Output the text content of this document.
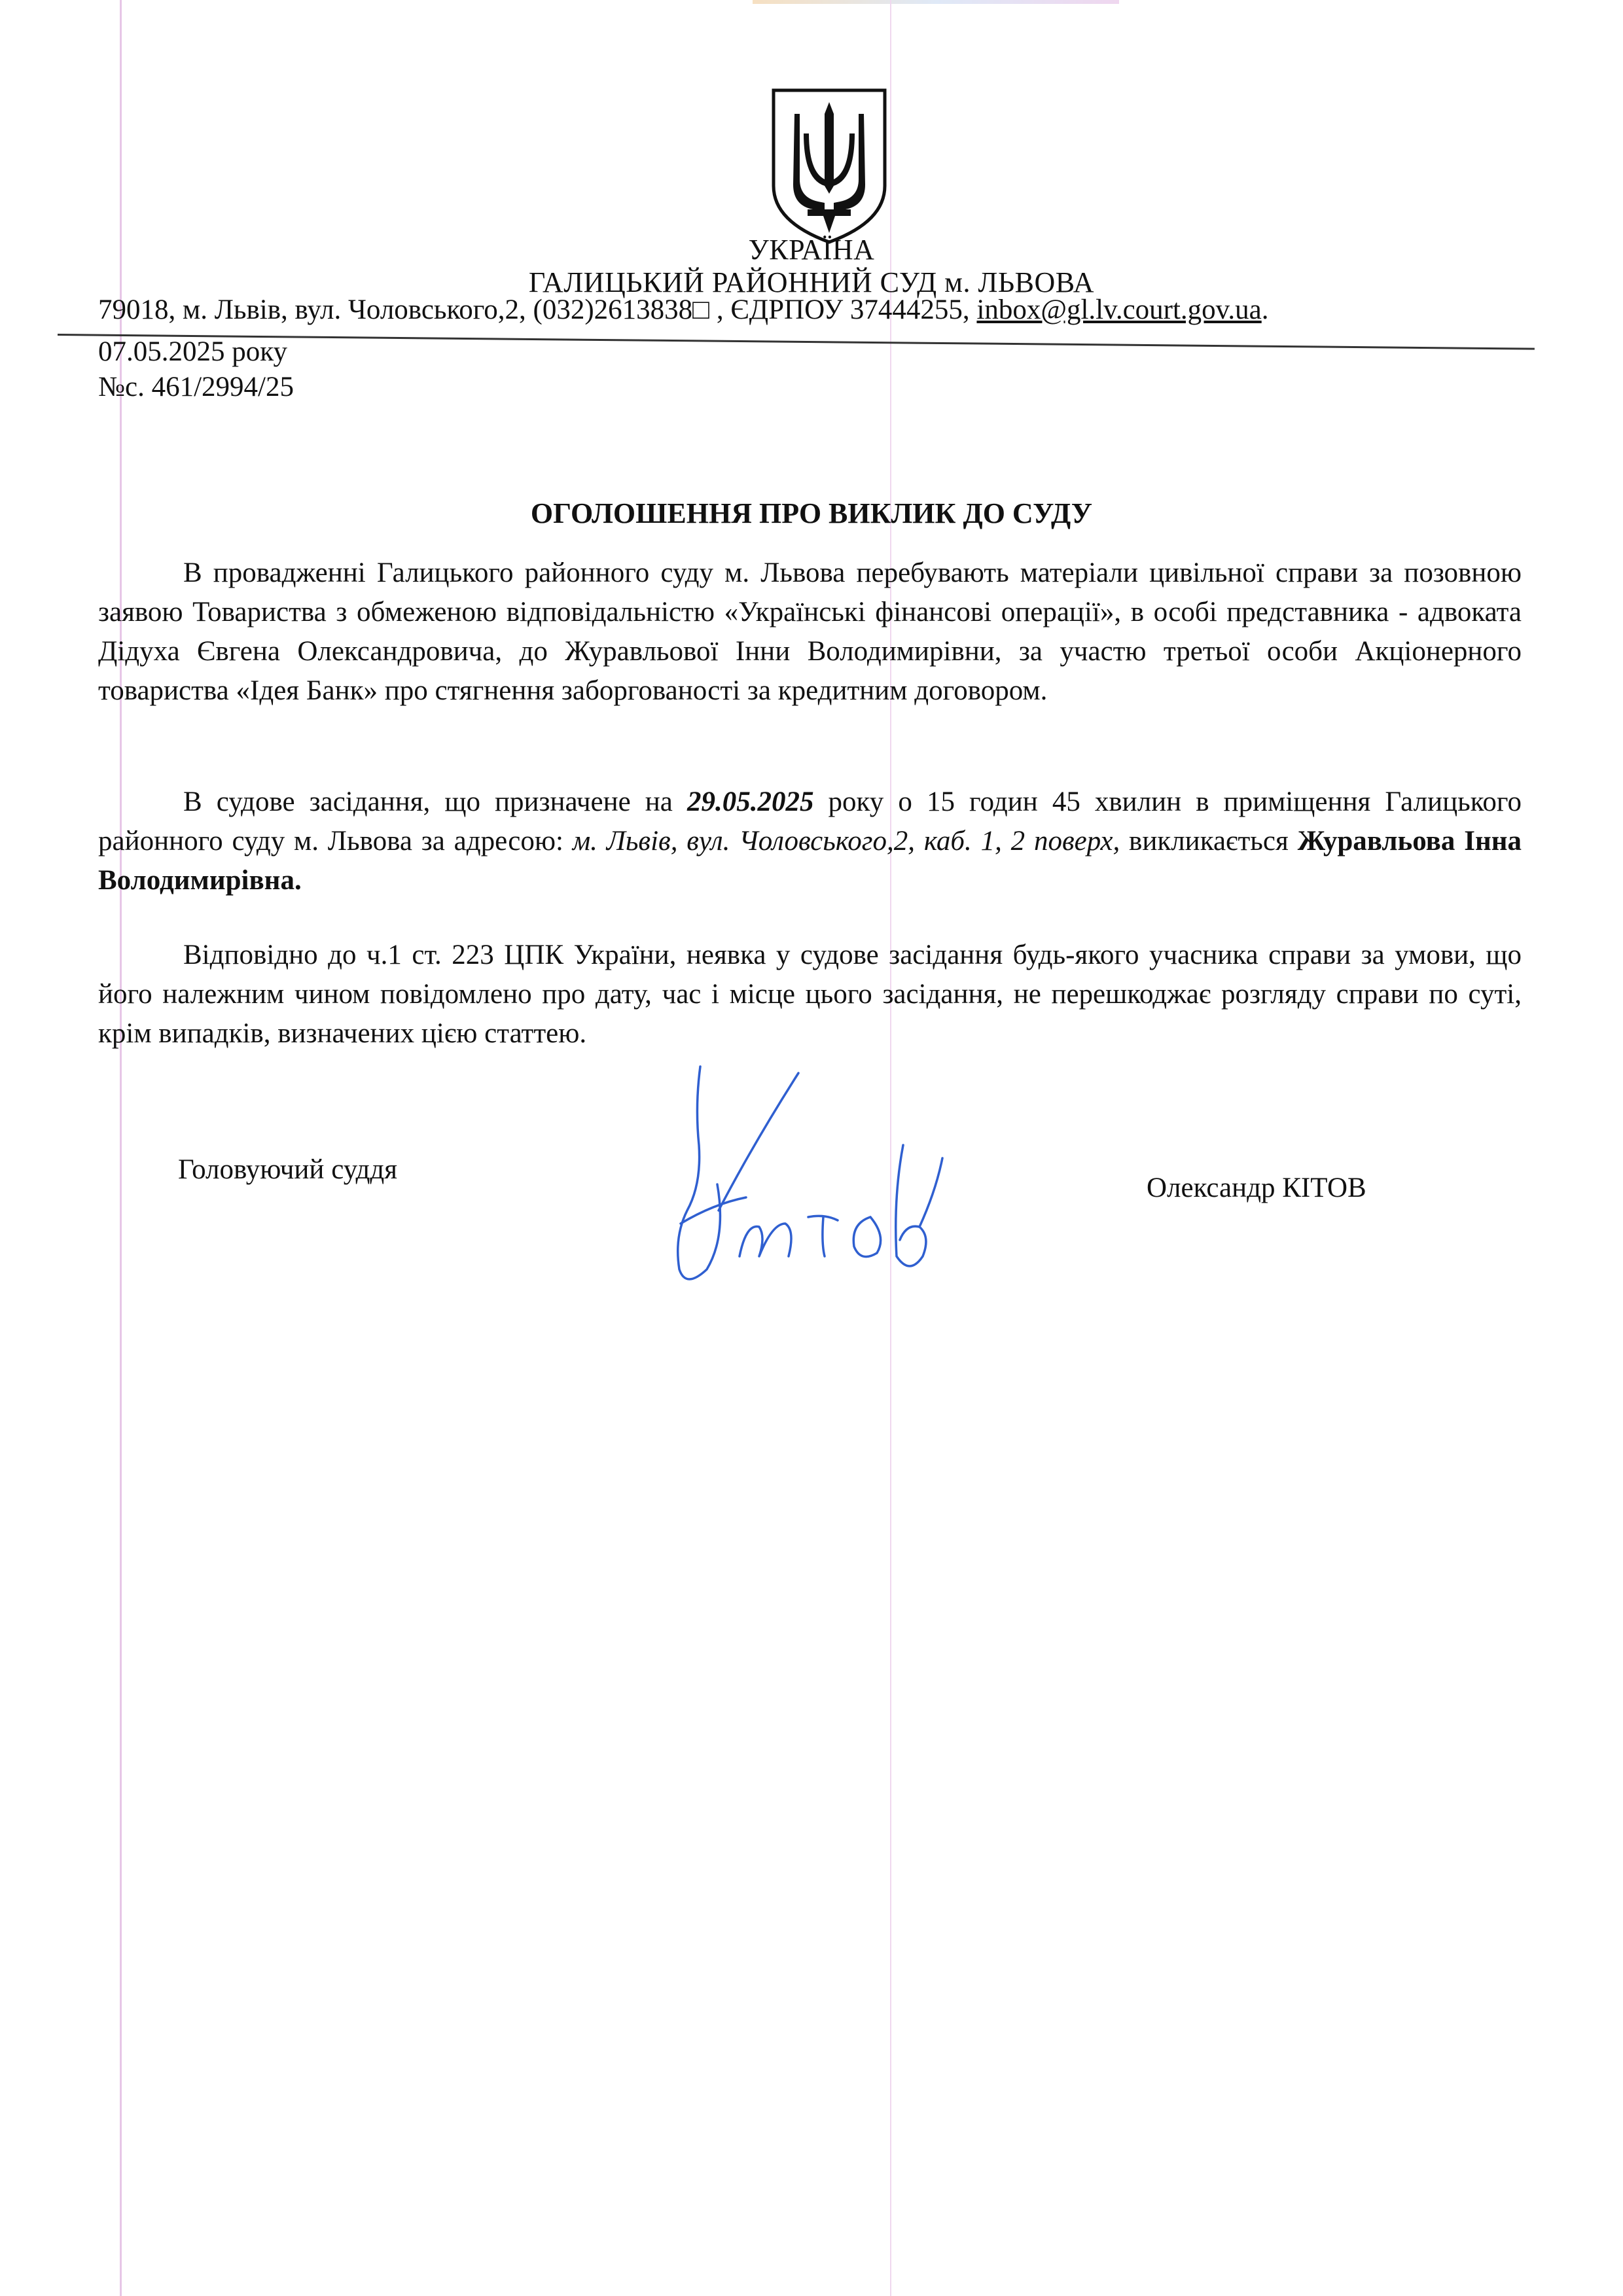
УКРАЇНА
ГАЛИЦЬКИЙ РАЙОННИЙ СУД м. ЛЬВОВА
79018, м. Львів, вул. Чоловського,2, (032)2613838□ , ЄДРПОУ 37444255, inbox@gl.lv.court.gov.ua.
07.05.2025 року
№с. 461/2994/25
ОГОЛОШЕННЯ ПРО ВИКЛИК ДО СУДУ
В провадженні Галицького районного суду м. Львова перебувають матеріали цивільної справи за позовною заявою Товариства з обмеженою відповідальністю «Українські фінансові операції», в особі представника - адвоката Дідуха Євгена Олександровича, до Журавльової Інни Володимирівни, за участю третьої особи Акціонерного товариства «Ідея Банк» про стягнення заборгованості за кредитним договором.
В судове засідання, що призначене на 29.05.2025 року о 15 годин 45 хвилин в приміщення Галицького районного суду м. Львова за адресою: м. Львів, вул. Чоловського,2, каб. 1, 2 поверх, викликається Журавльова Інна Володимирівна.
Відповідно до ч.1 ст. 223 ЦПК України, неявка у судове засідання будь-якого учасника справи за умови, що його належним чином повідомлено про дату, час і місце цього засідання, не перешкоджає розгляду справи по суті, крім випадків, визначених цією статтею.
Головуючий суддя
Олександр КІТОВ
